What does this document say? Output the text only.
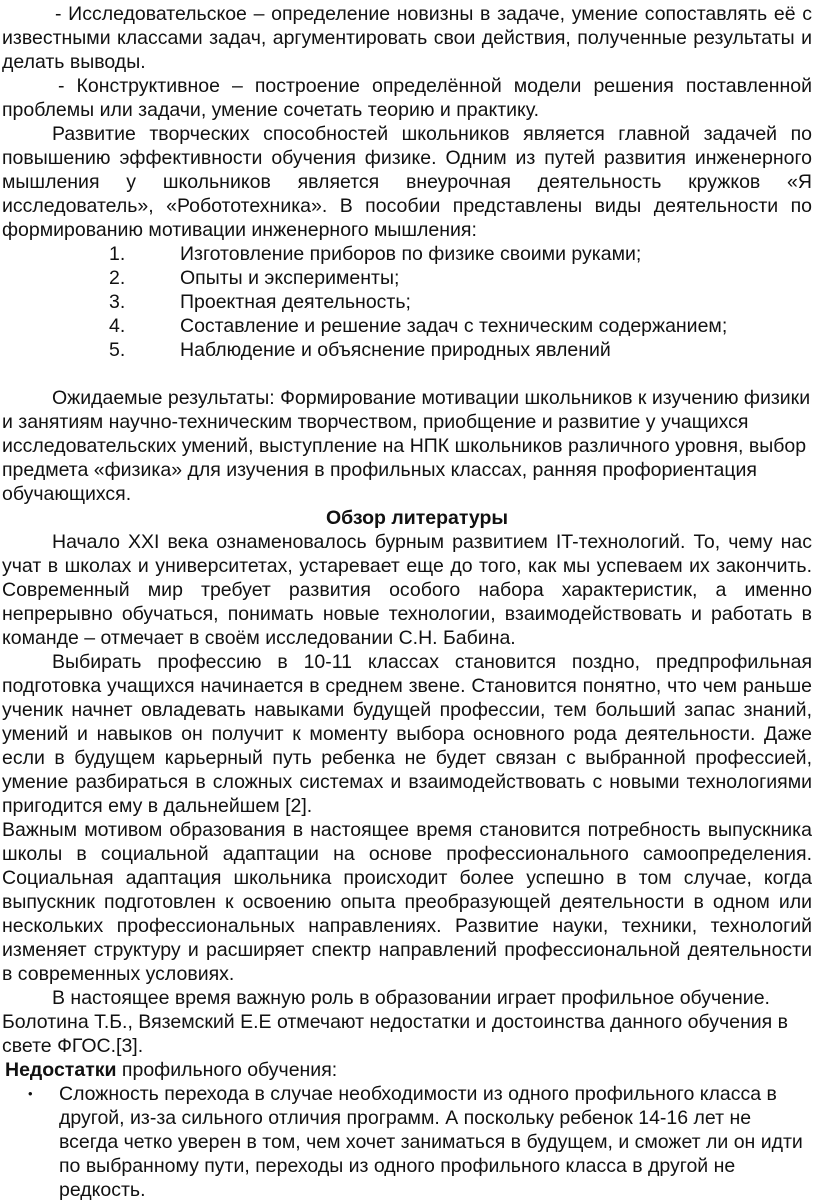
- Исследовательское – определение новизны в задаче, умение сопоставлять её с известными классами задач, аргументировать свои действия, полученные результаты и делать выводы.

- Конструктивное – построение определённой модели решения поставленной проблемы или задачи, умение сочетать теорию и практику.

Развитие творческих способностей школьников является главной задачей по повышению эффективности обучения физике. Одним из путей развития инженерного мышления у школьников является внеурочная деятельность кружков «Я исследователь», «Робототехника». В пособии представлены виды деятельности по формированию мотивации инженерного мышления:

1.	Изготовление приборов по физике своими руками;
2.	Опыты и эксперименты;
3.	Проектная деятельность;
4.	Составление и решение задач с техническим содержанием;
5.	Наблюдение и объяснение природных явлений

Ожидаемые результаты: Формирование мотивации школьников к изучению физики и занятиям научно-техническим творчеством, приобщение и развитие у учащихся исследовательских умений, выступление на НПК школьников различного уровня, выбор предмета «физика» для изучения в профильных классах, ранняя профориентация обучающихся.

Обзор литературы

Начало XXI века ознаменовалось бурным развитием IT-технологий. То, чему нас учат в школах и университетах, устаревает еще до того, как мы успеваем их закончить. Современный мир требует развития особого набора характеристик, а именно непрерывно обучаться, понимать новые технологии, взаимодействовать и работать в команде – отмечает в своём исследовании С.Н. Бабина.

Выбирать профессию в 10-11 классах становится поздно, предпрофильная подготовка учащихся начинается в среднем звене. Становится понятно, что чем раньше ученик начнет овладевать навыками будущей профессии, тем больший запас знаний, умений и навыков он получит к моменту выбора основного рода деятельности. Даже если в будущем карьерный путь ребенка не будет связан с выбранной профессией, умение разбираться в сложных системах и взаимодействовать с новыми технологиями пригодится ему в дальнейшем [2].

Важным мотивом образования в настоящее время становится потребность выпускника школы в социальной адаптации на основе профессионального самоопределения. Социальная адаптация школьника происходит более успешно в том случае, когда выпускник подготовлен к освоению опыта преобразующей деятельности в одном или нескольких профессиональных направлениях. Развитие науки, техники, технологий изменяет структуру и расширяет спектр направлений профессиональной деятельности в современных условиях.

В настоящее время важную роль в образовании играет профильное обучение. Болотина Т.Б., Вяземский Е.Е отмечают недостатки и достоинства данного обучения в свете ФГОС.[3].

Недостатки профильного обучения:

•	Сложность перехода в случае необходимости из одного профильного класса в другой, из-за сильного отличия программ. А поскольку ребенок 14-16 лет не всегда четко уверен в том, чем хочет заниматься в будущем, и сможет ли он идти по выбранному пути, переходы из одного профильного класса в другой не редкость.
